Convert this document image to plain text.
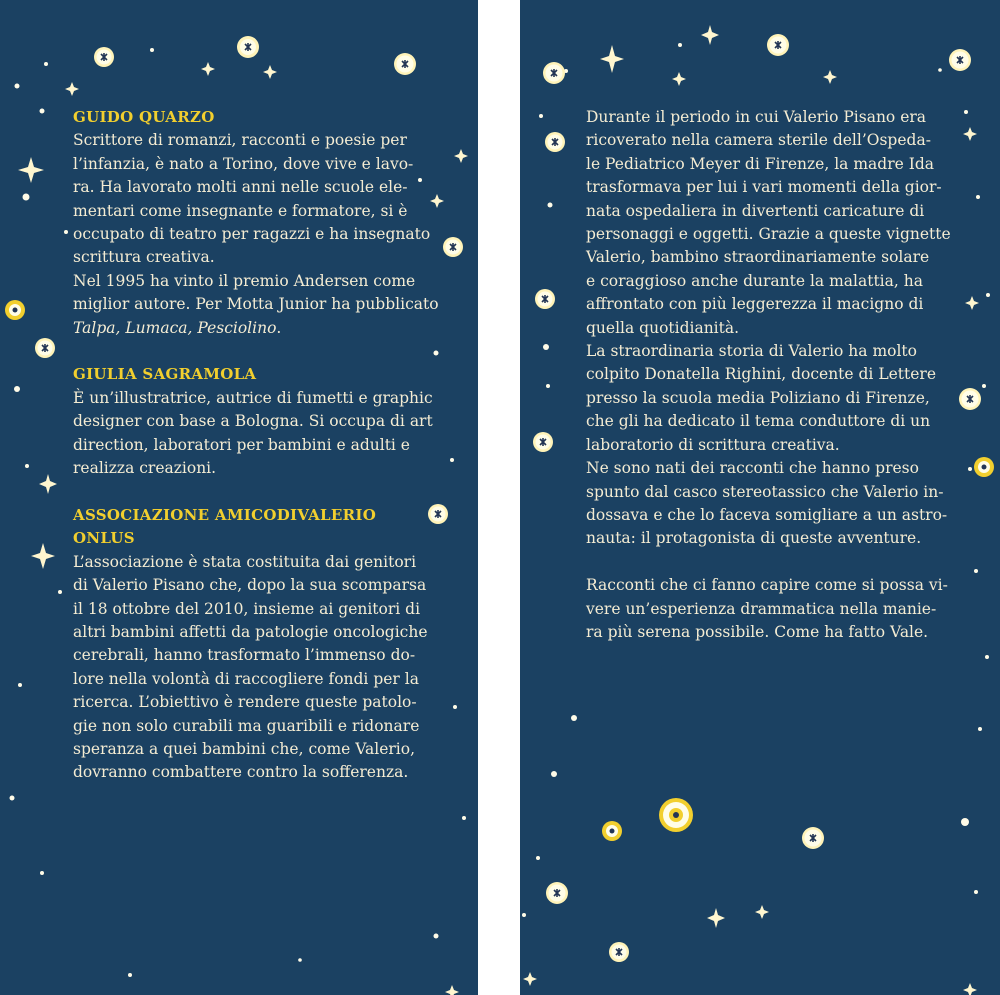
GUIDO QUARZO
Scrittore di romanzi, racconti e poesie per
l’infanzia, è nato a Torino, dove vive e lavo-
ra. Ha lavorato molti anni nelle scuole ele-
mentari come insegnante e formatore, si è
occupato di teatro per ragazzi e ha insegnato
scrittura creativa.
Nel 1995 ha vinto il premio Andersen come
miglior autore. Per Motta Junior ha pubblicato
Talpa, Lumaca, Pesciolino.
GIULIA SAGRAMOLA
È un’illustratrice, autrice di fumetti e graphic
designer con base a Bologna. Si occupa di art
direction, laboratori per bambini e adulti e
realizza creazioni.
ASSOCIAZIONE AMICODIVALERIO ONLUS
L’associazione è stata costituita dai genitori
di Valerio Pisano che, dopo la sua scomparsa
il 18 ottobre del 2010, insieme ai genitori di
altri bambini affetti da patologie oncologiche
cerebrali, hanno trasformato l’immenso do-
lore nella volontà di raccogliere fondi per la
ricerca. L’obiettivo è rendere queste patolo-
gie non solo curabili ma guaribili e ridonare
speranza a quei bambini che, come Valerio,
dovranno combattere contro la sofferenza.
Durante il periodo in cui Valerio Pisano era
ricoverato nella camera sterile dell’Ospeda-
le Pediatrico Meyer di Firenze, la madre Ida
trasformava per lui i vari momenti della gior-
nata ospedaliera in divertenti caricature di
personaggi e oggetti. Grazie a queste vignette
Valerio, bambino straordinariamente solare
e coraggioso anche durante la malattia, ha
affrontato con più leggerezza il macigno di
quella quotidianità.
La straordinaria storia di Valerio ha molto
colpito Donatella Righini, docente di Lettere
presso la scuola media Poliziano di Firenze,
che gli ha dedicato il tema conduttore di un
laboratorio di scrittura creativa.
Ne sono nati dei racconti che hanno preso
spunto dal casco stereotassico che Valerio in-
dossava e che lo faceva somigliare a un astro-
nauta: il protagonista di queste avventure.
Racconti che ci fanno capire come si possa vi-
vere un’esperienza drammatica nella manie-
ra più serena possibile. Come ha fatto Vale.
